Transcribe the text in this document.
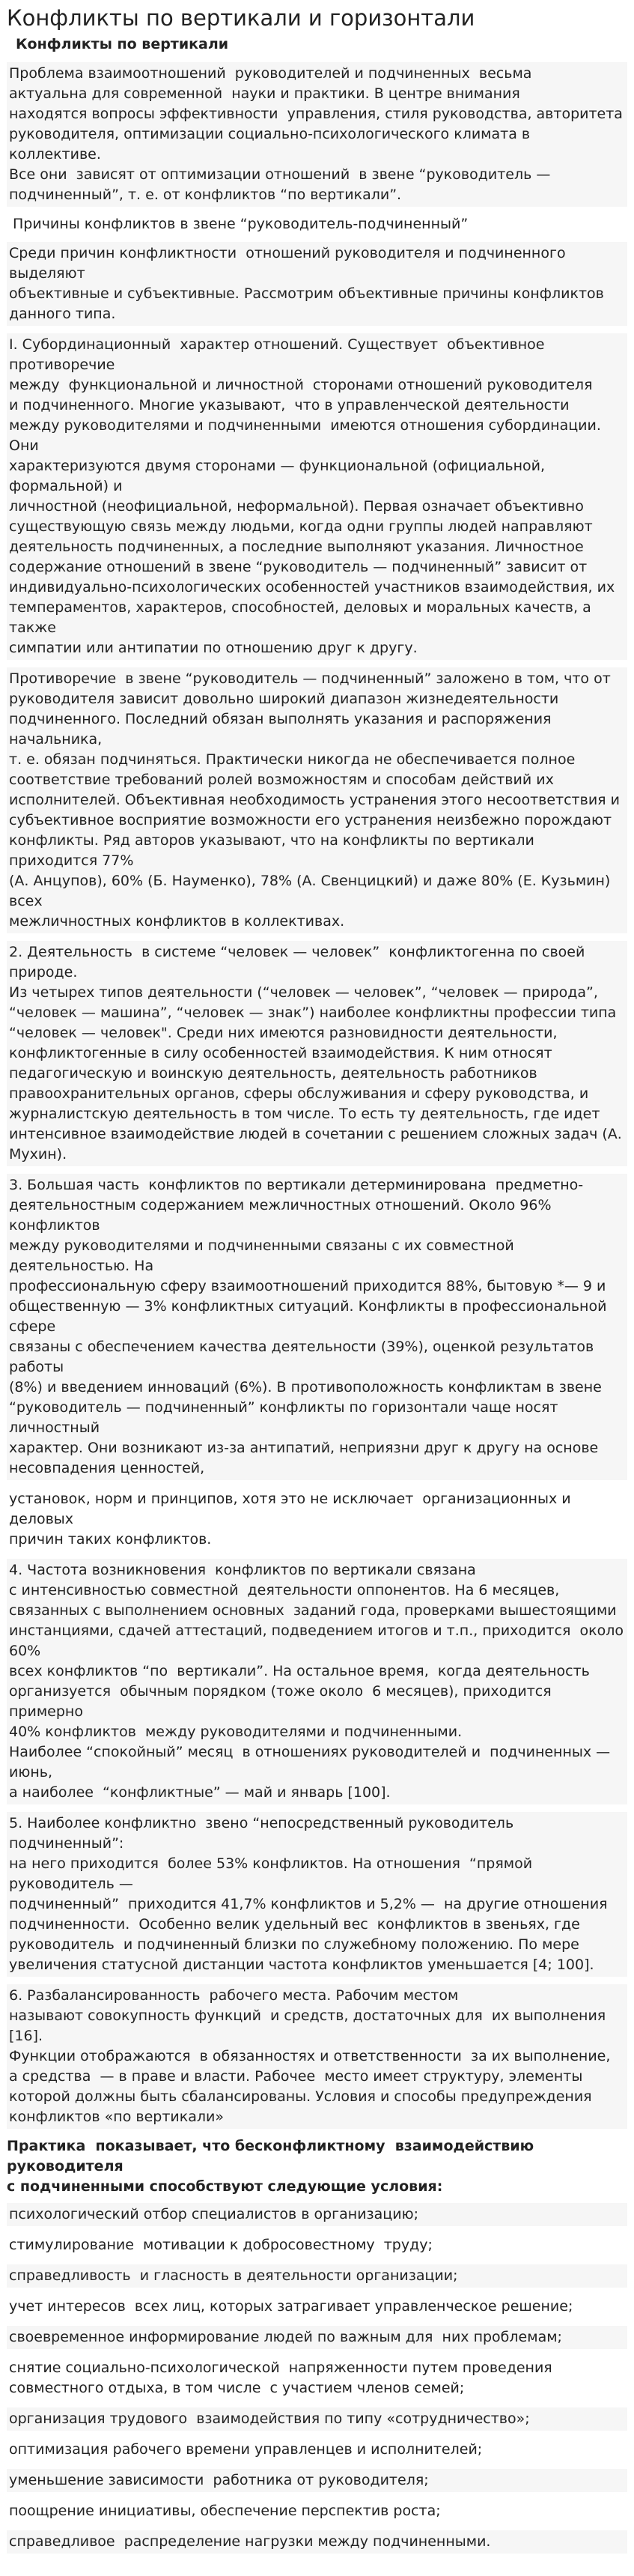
Конфликты по вертикали и горизонтали
Конфликты по вертикали
Проблема взаимоотношений  руководителей и подчиненных  весьма
актуальна для современной  науки и практики. В центре внимания
находятся вопросы эффективности  управления, стиля руководства, авторитета
руководителя, оптимизации социально-психологического климата в коллективе.
Все они  зависят от оптимизации отношений  в звене “руководитель —
подчиненный”, т. е. от конфликтов “по вертикали”.
Причины конфликтов в звене “руководитель-подчиненный”
Среди причин конфликтности  отношений руководителя и подчиненного выделяют
объективные и субъективные. Рассмотрим объективные причины конфликтов
данного типа.
I. Субординационный  характер отношений. Существует  объективное противоречие
между  функциональной и личностной  сторонами отношений руководителя
и подчиненного. Многие указывают,  что в управленческой деятельности
между руководителями и подчиненными  имеются отношения субординации. Они
характеризуются двумя сторонами — функциональной (официальной, формальной) и
личностной (неофициальной, неформальной). Первая означает объективно
существующую связь между людьми, когда одни группы людей направляют
деятельность подчиненных, а последние выполняют указания. Личностное
содержание отношений в звене “руководитель — подчиненный” зависит от
индивидуально-психологических особенностей участников взаимодействия, их
темпераментов, характеров, способностей, деловых и моральных качеств, а также
симпатии или антипатии по отношению друг к другу.
Противоречие  в звене “руководитель — подчиненный” заложено в том, что от
руководителя зависит довольно широкий диапазон жизнедеятельности
подчиненного. Последний обязан выполнять указания и распоряжения начальника,
т. е. обязан подчиняться. Практически никогда не обеспечивается полное
соответствие требований ролей возможностям и способам действий их
исполнителей. Объективная необходимость устранения этого несоответствия и
субъективное восприятие возможности его устранения неизбежно порождают
конфликты. Ряд авторов указывают, что на конфликты по вертикали приходится 77%
(А. Анцупов), 60% (Б. Науменко), 78% (А. Свенцицкий) и даже 80% (Е. Кузьмин) всех
межличностных конфликтов в коллективах.
2. Деятельность  в системе “человек — человек”  конфликтогенна по своей природе.
Из четырех типов деятельности (“человек — человек”, “человек — природа”,
“человек — машина”, “человек — знак”) наиболее конфликтны профессии типа
“человек — человек". Среди них имеются разновидности деятельности,
конфликтогенные в силу особенностей взаимодействия. К ним относят
педагогическую и воинскую деятельность, деятельность работников
правоохранительных органов, сферы обслуживания и сферу руководства, и
журналистскую деятельность в том числе. То есть ту деятельность, где идет
интенсивное взаимодействие людей в сочетании с решением сложных задач (А.
Мухин).
3. Большая часть  конфликтов по вертикали детерминирована  предметно-
деятельностным содержанием межличностных отношений. Около 96% конфликтов
между руководителями и подчиненными связаны с их совместной деятельностью. На
профессиональную сферу взаимоотношений приходится 88%, бытовую *— 9 и
общественную — 3% конфликтных ситуаций. Конфликты в профессиональной сфере
связаны с обеспечением качества деятельности (39%), оценкой результатов работы
(8%) и введением инноваций (6%). В противоположность конфликтам в звене
“руководитель — подчиненный” конфликты по горизонтали чаще носят личностный
характер. Они возникают из-за антипатий, неприязни друг к другу на основе
несовпадения ценностей,
установок, норм и принципов, хотя это не исключает  организационных и деловых
причин таких конфликтов.
4. Частота возникновения  конфликтов по вертикали связана
с интенсивностью совместной  деятельности оппонентов. На 6 месяцев,
связанных с выполнением основных  заданий года, проверками вышестоящими
инстанциями, сдачей аттестаций, подведением итогов и т.п., приходится  около 60%
всех конфликтов “по  вертикали”. На остальное время,  когда деятельность
организуется  обычным порядком (тоже около  6 месяцев), приходится примерно
40% конфликтов  между руководителями и подчиненными.
Наиболее “спокойный” месяц  в отношениях руководителей и  подчиненных — июнь,
а наиболее  “конфликтные” — май и январь [100].
5. Наиболее конфликтно  звено “непосредственный руководитель  подчиненный”:
на него приходится  более 53% конфликтов. На отношения  “прямой руководитель —
подчиненный”  приходится 41,7% конфликтов и 5,2% —  на другие отношения
подчиненности.  Особенно велик удельный вес  конфликтов в звеньях, где
руководитель  и подчиненный близки по служебному положению. По мере
увеличения статусной дистанции частота конфликтов уменьшается [4; 100].
6. Разбалансированность  рабочего места. Рабочим местом
называют совокупность функций  и средств, достаточных для  их выполнения [16].
Функции отображаются  в обязанностях и ответственности  за их выполнение,
а средства  — в праве и власти. Рабочее  место имеет структуру, элементы
которой должны быть сбалансированы. Условия и способы предупреждения
конфликтов «по вертикали»
Практика  показывает, что бесконфликтному  взаимодействию руководителя
с подчиненными способствуют следующие условия:
психологический отбор специалистов в организацию;
стимулирование  мотивации к добросовестному  труду;
справедливость  и гласность в деятельности организации;
учет интересов  всех лиц, которых затрагивает управленческое решение;
своевременное информирование людей по важным для  них проблемам;
снятие социально-психологической  напряженности путем проведения
совместного отдыха, в том числе  с участием членов семей;
организация трудового  взаимодействия по типу «сотрудничество»;
оптимизация рабочего времени управленцев и исполнителей;
уменьшение зависимости  работника от руководителя;
поощрение инициативы, обеспечение перспектив роста;
справедливое  распределение нагрузки между подчиненными.
